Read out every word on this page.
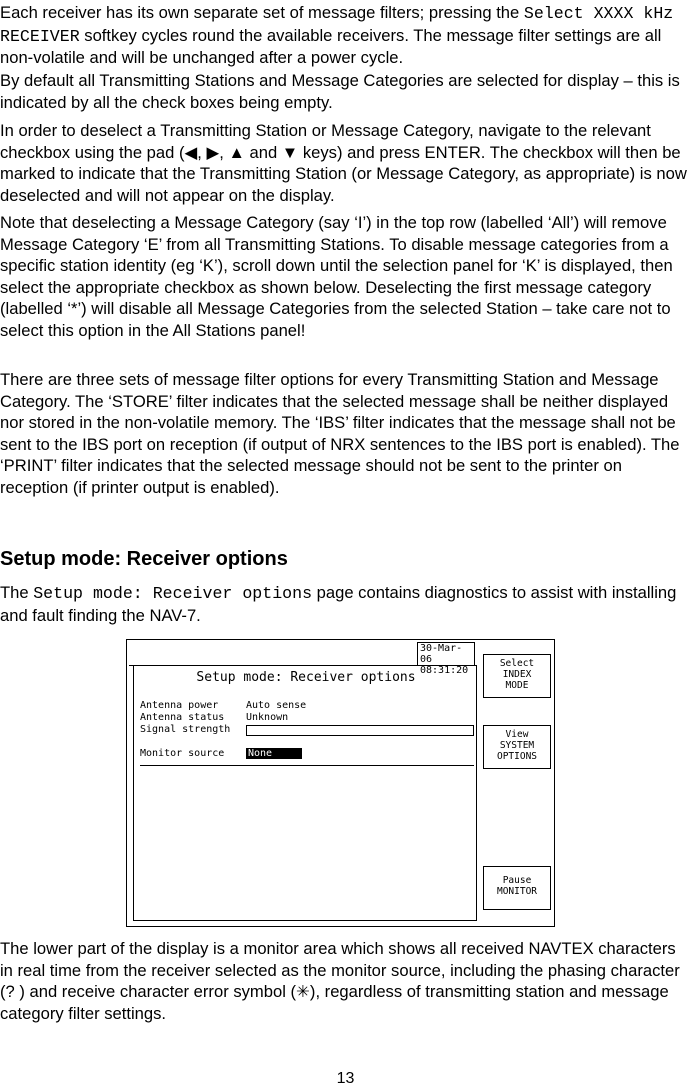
Each receiver has its own separate set of message filters; pressing the Select XXXX kHz RECEIVER softkey cycles round the available receivers. The message filter settings are all non-volatile and will be unchanged after a power cycle.

By default all Transmitting Stations and Message Categories are selected for display – this is indicated by all the check boxes being empty.

In order to deselect a Transmitting Station or Message Category, navigate to the relevant checkbox using the pad (◀, ▶, ▲ and ▼ keys) and press ENTER. The checkbox will then be marked to indicate that the Transmitting Station (or Message Category, as appropriate) is now deselected and will not appear on the display.

Note that deselecting a Message Category (say ‘I’) in the top row (labelled ‘All’) will remove Message Category ‘E’ from all Transmitting Stations. To disable message categories from a specific station identity (eg ‘K’), scroll down until the selection panel for ‘K’ is displayed, then select the appropriate checkbox as shown below. Deselecting the first message category (labelled ‘*’) will disable all Message Categories from the selected Station – take care not to select this option in the All Stations panel!

There are three sets of message filter options for every Transmitting Station and Message Category. The ‘STORE’ filter indicates that the selected message shall be neither displayed nor stored in the non-volatile memory. The ‘IBS’ filter indicates that the message shall not be sent to the IBS port on reception (if output of NRX sentences to the IBS port is enabled). The ‘PRINT’ filter indicates that the selected message should not be sent to the printer on reception (if printer output is enabled).

Setup mode: Receiver options

The Setup mode: Receiver options page contains diagnostics to assist with installing and fault finding the NAV-7.

30-Mar-06
08:31:20
Setup mode: Receiver options
Antenna power	Auto sense
Antenna status Unknown
Signal strength
Monitor source None
Select
INDEX
MODE
View
SYSTEM
OPTIONS
Pause
MONITOR

The lower part of the display is a monitor area which shows all received NAVTEX characters in real time from the receiver selected as the monitor source, including the phasing character (? ) and receive character error symbol (✳), regardless of transmitting station and message category filter settings.

13
